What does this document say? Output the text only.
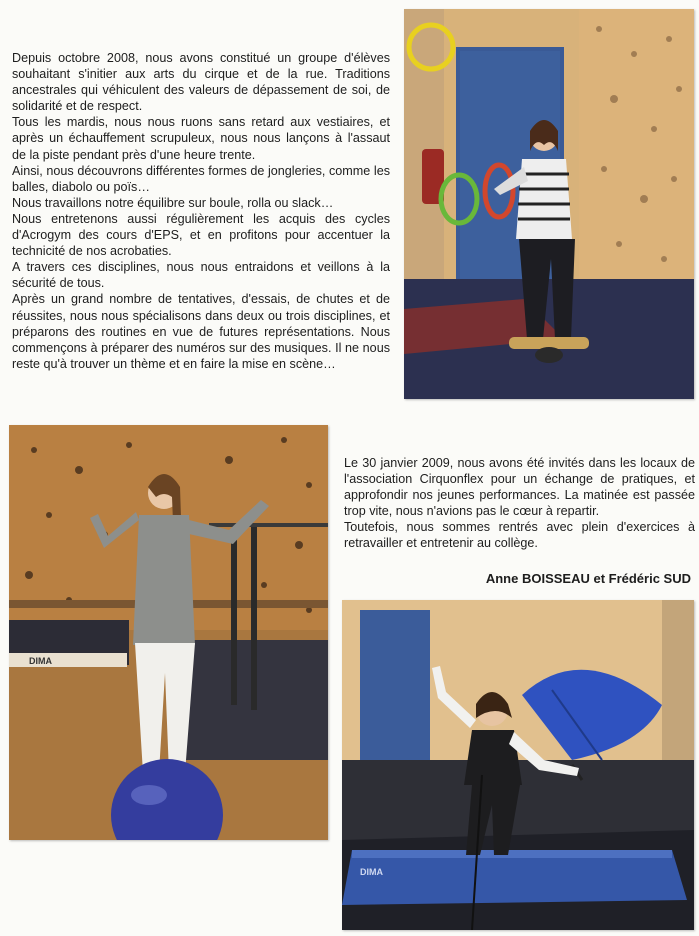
Depuis octobre 2008, nous avons constitué un groupe d'élèves souhaitant s'initier aux arts du cirque et de la rue. Traditions ancestrales qui véhiculent des valeurs de dépassement de soi, de solidarité et de respect.

Tous les mardis, nous nous ruons sans retard aux vestiaires, et après un échauffement scrupuleux, nous nous lançons à l'assaut de la piste pendant près d'une heure trente.

Ainsi, nous découvrons différentes formes de jongleries, comme les balles, diabolo ou poïs…

Nous travaillons notre équilibre sur boule, rolla ou slack…

Nous entretenons aussi régulièrement les acquis des cycles d'Acrogym des cours d'EPS, et en profitons pour accentuer la technicité de nos acrobaties.

A travers ces disciplines, nous nous entraidons et veillons à la sécurité de tous.

Après un grand nombre de tentatives, d'essais, de chutes et de réussites, nous nous spécialisons dans deux ou trois disciplines, et préparons des routines en vue de futures représentations. Nous commençons à préparer des numéros sur des musiques. Il ne nous reste qu'à trouver un thème et en faire la mise en scène…

Le 30 janvier 2009, nous avons été invités dans les locaux de l'association Cirquonflex pour un échange de pratiques, et approfondir nos jeunes performances. La matinée est passée trop vite, nous n'avions pas le cœur à repartir.

Toutefois, nous sommes rentrés avec plein d'exercices à retravailler et entretenir au collège.

Anne BOISSEAU et Frédéric SUD
DIMA
DIMA
